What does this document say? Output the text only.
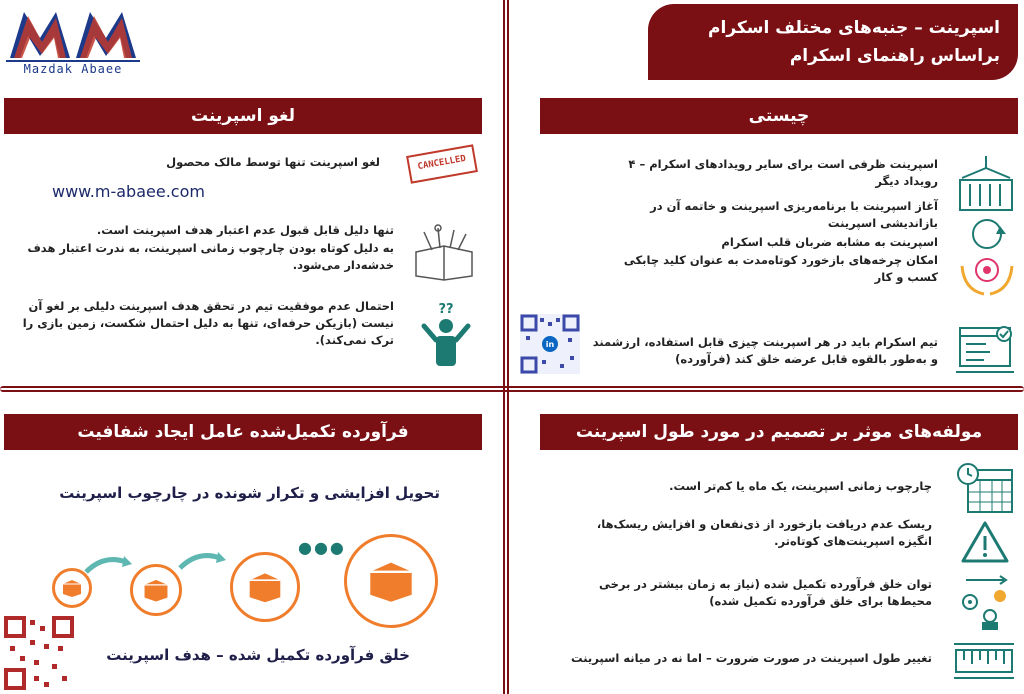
Mazdak Abaee
اسپرینت – جنبه‌های مختلف اسکرام
براساس راهنمای اسکرام
چیستی
اسپرینت ظرفی است برای سایر رویدادهای اسکرام – ۴ رویداد دیگر
آغاز اسپرینت با برنامه‌ریزی اسپرینت و خاتمه آن در بازاندیشی اسپرینت
اسپرینت به مشابه ضربان قلب اسکرام
امکان چرخه‌های بازخورد کوتاه‌مدت به عنوان کلید چابکی کسب و کار
تیم اسکرام باید در هر اسپرینت چیزی قابل استفاده، ارزشمند و به‌طور بالقوه قابل عرضه خلق کند (فرآورده)
in
لغو اسپرینت
لغو اسپرینت تنها توسط مالک محصول
www.m-abaee.com
تنها دلیل قابل قبول عدم اعتبار هدف اسپرینت است.
به دلیل کوتاه بودن چارچوب زمانی اسپرینت، به ندرت اعتبار هدف خدشه‌دار می‌شود.
احتمال عدم موفقیت تیم در تحقق هدف اسپرینت دلیلی بر لغو آن نیست (بازیکن حرفه‌ای، تنها به دلیل احتمال شکست، زمین بازی را ترک نمی‌کند).
CANCELLED
??
مولفه‌های موثر بر تصمیم در مورد طول اسپرینت
چارچوب زمانی اسپرینت، یک ماه یا کم‌تر است.
ریسک عدم دریافت بازخورد از ذی‌نفعان و افزایش ریسک‌ها، انگیزه اسپرینت‌های کوتاه‌تر.
توان خلق فرآورده تکمیل شده (نیاز به زمان بیشتر در برخی محیط‌ها برای خلق فرآورده تکمیل شده)
تغییر طول اسپرینت در صورت ضرورت – اما نه در میانه اسپرینت
فرآورده تکمیل‌شده عامل ایجاد شفافیت
تحویل افزایشی و تکرار شونده در چارچوب اسپرینت
●●●
خلق فرآورده تکمیل شده – هدف اسپرینت
